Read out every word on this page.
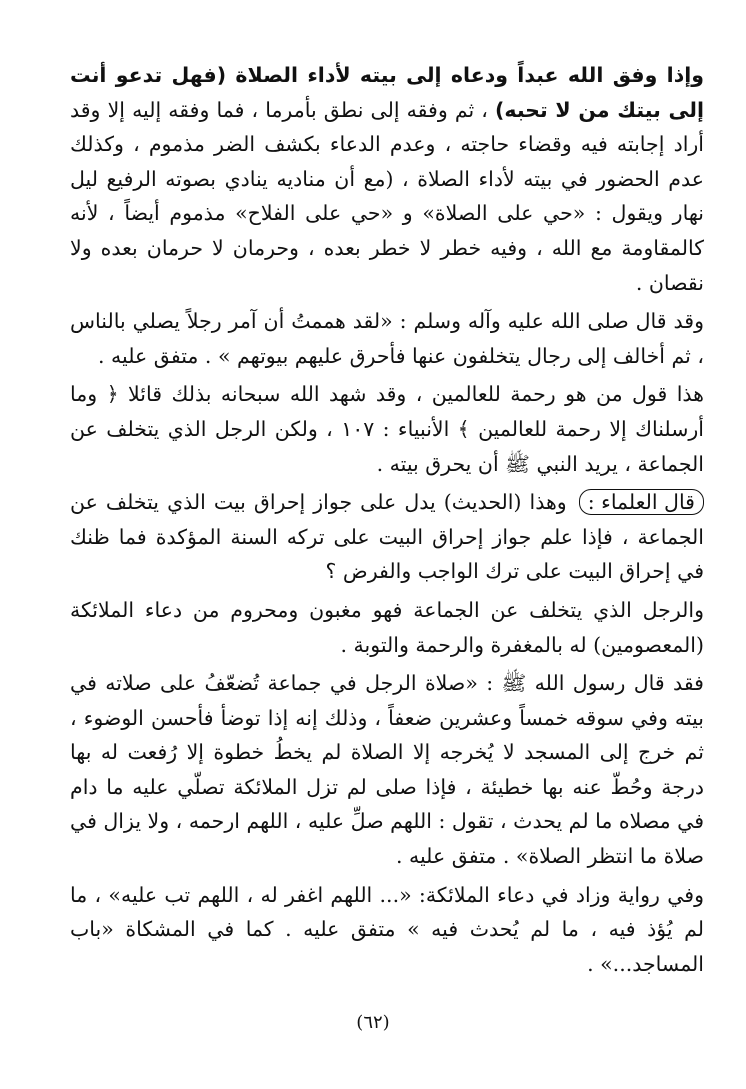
وإذا وفق الله عبداً ودعاه إلى بيته لأداء الصلاة (فهل تدعو أنت إلى بيتك من لا تحبه) ، ثم وفقه إلى نطق بأمرما ، فما وفقه إليه إلا وقد أراد إجابته فيه وقضاء حاجته ، وعدم الدعاء بكشف الضر مذموم ، وكذلك عدم الحضور في بيته لأداء الصلاة ، (مع أن مناديه ينادي بصوته الرفيع ليل نهار ويقول : «حي على الصلاة» و «حي على الفلاح» مذموم أيضاً ، لأنه كالمقاومة مع الله ، وفيه خطر لا خطر بعده ، وحرمان لا حرمان بعده ولا نقصان .

وقد قال صلى الله عليه وآله وسلم : «لقد هممتُ أن آمر رجلاً يصلي بالناس ، ثم أخالف إلى رجال يتخلفون عنها فأحرق عليهم بيوتهم » . متفق عليه .

هذا قول من هو رحمة للعالمين ، وقد شهد الله سبحانه بذلك قائلا ﴿ وما أرسلناك إلا رحمة للعالمين ﴾ الأنبياء : ١٠٧ ، ولكن الرجل الذي يتخلف عن الجماعة ، يريد النبي ﷺ أن يحرق بيته .

قال العلماء : وهذا (الحديث) يدل على جواز إحراق بيت الذي يتخلف عن الجماعة ، فإذا علم جواز إحراق البيت على تركه السنة المؤكدة فما ظنك في إحراق البيت على ترك الواجب والفرض ؟

والرجل الذي يتخلف عن الجماعة فهو مغبون ومحروم من دعاء الملائكة (المعصومين) له بالمغفرة والرحمة والتوبة .

فقد قال رسول الله ﷺ : «صلاة الرجل في جماعة تُضعّفُ على صلاته في بيته وفي سوقه خمساً وعشرين ضعفاً ، وذلك إنه إذا توضأ فأحسن الوضوء ، ثم خرج إلى المسجد لا يُخرجه إلا الصلاة لم يخطُ خطوة إلا رُفعت له بها درجة وحُطّ عنه بها خطيئة ، فإذا صلى لم تزل الملائكة تصلّي عليه ما دام في مصلاه ما لم يحدث ، تقول : اللهم صلِّ عليه ، اللهم ارحمه ، ولا يزال في صلاة ما انتظر الصلاة» . متفق عليه .

وفي رواية وزاد في دعاء الملائكة: «... اللهم اغفر له ، اللهم تب عليه» ، ما لم يُؤذ فيه ، ما لم يُحدث فيه » متفق عليه . كما في المشكاة «باب المساجد...» .

(٦٢)
